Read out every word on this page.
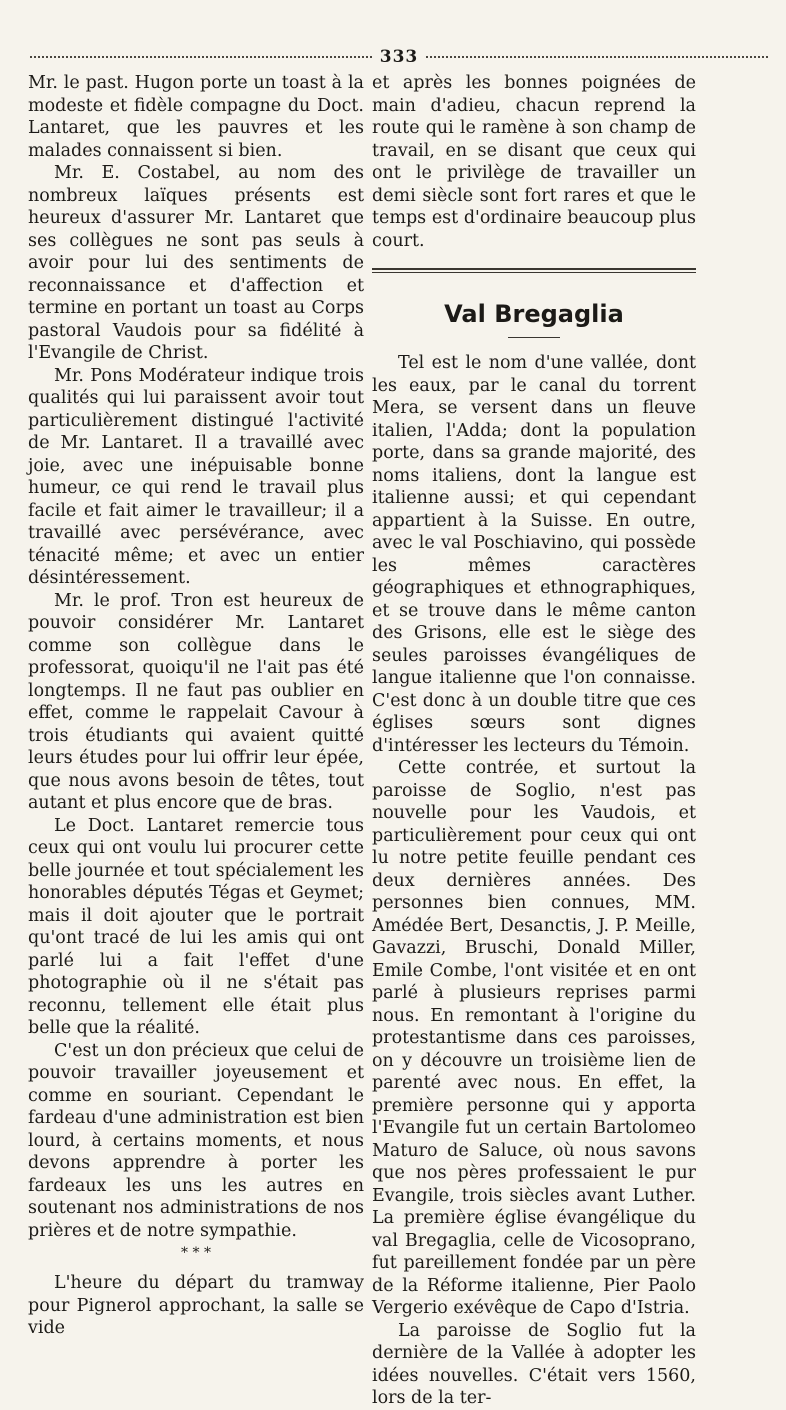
333

Mr. le past. Hugon porte un toast à la modeste et fidèle compagne du Doct. Lantaret, que les pauvres et les malades connaissent si bien.

Mr. E. Costabel, au nom des nombreux laïques présents est heureux d'assurer Mr. Lantaret que ses collègues ne sont pas seuls à avoir pour lui des sentiments de reconnaissance et d'affection et termine en portant un toast au Corps pastoral Vaudois pour sa fidélité à l'Evangile de Christ.

Mr. Pons Modérateur indique trois qualités qui lui paraissent avoir tout particulièrement distingué l'activité de Mr. Lantaret. Il a travaillé avec joie, avec une inépuisable bonne humeur, ce qui rend le travail plus facile et fait aimer le travailleur; il a travaillé avec persévérance, avec ténacité même; et avec un entier désintéressement.

Mr. le prof. Tron est heureux de pouvoir considérer Mr. Lantaret comme son collègue dans le professorat, quoiqu'il ne l'ait pas été longtemps. Il ne faut pas oublier en effet, comme le rappelait Cavour à trois étudiants qui avaient quitté leurs études pour lui offrir leur épée, que nous avons besoin de têtes, tout autant et plus encore que de bras.

Le Doct. Lantaret remercie tous ceux qui ont voulu lui procurer cette belle journée et tout spécialement les honorables députés Tégas et Geymet; mais il doit ajouter que le portrait qu'ont tracé de lui les amis qui ont parlé lui a fait l'effet d'une photographie où il ne s'était pas reconnu, tellement elle était plus belle que la réalité.

C'est un don précieux que celui de pouvoir travailler joyeusement et comme en souriant. Cependant le fardeau d'une administration est bien lourd, à certains moments, et nous devons apprendre à porter les fardeaux les uns les autres en soutenant nos administrations de nos prières et de notre sympathie.

* * *

L'heure du départ du tramway pour Pignerol approchant, la salle se vide

et après les bonnes poignées de main d'adieu, chacun reprend la route qui le ramène à son champ de travail, en se disant que ceux qui ont le privilège de travailler un demi siècle sont fort rares et que le temps est d'ordinaire beaucoup plus court.

Val Bregaglia

Tel est le nom d'une vallée, dont les eaux, par le canal du torrent Mera, se versent dans un fleuve italien, l'Adda; dont la population porte, dans sa grande majorité, des noms italiens, dont la langue est italienne aussi; et qui cependant appartient à la Suisse. En outre, avec le val Poschiavino, qui possède les mêmes caractères géographiques et ethnographiques, et se trouve dans le même canton des Grisons, elle est le siège des seules paroisses évangéliques de langue italienne que l'on connaisse. C'est donc à un double titre que ces églises sœurs sont dignes d'intéresser les lecteurs du Témoin.

Cette contrée, et surtout la paroisse de Soglio, n'est pas nouvelle pour les Vaudois, et particulièrement pour ceux qui ont lu notre petite feuille pendant ces deux dernières années. Des personnes bien connues, MM. Amédée Bert, Desanctis, J. P. Meille, Gavazzi, Bruschi, Donald Miller, Emile Combe, l'ont visitée et en ont parlé à plusieurs reprises parmi nous. En remontant à l'origine du protestantisme dans ces paroisses, on y découvre un troisième lien de parenté avec nous. En effet, la première personne qui y apporta l'Evangile fut un certain Bartolomeo Maturo de Saluce, où nous savons que nos pères professaient le pur Evangile, trois siècles avant Luther. La première église évangélique du val Bregaglia, celle de Vicosoprano, fut pareillement fondée par un père de la Réforme italienne, Pier Paolo Vergerio exévêque de Capo d'Istria.

La paroisse de Soglio fut la dernière de la Vallée à adopter les idées nouvelles. C'était vers 1560, lors de la ter-
